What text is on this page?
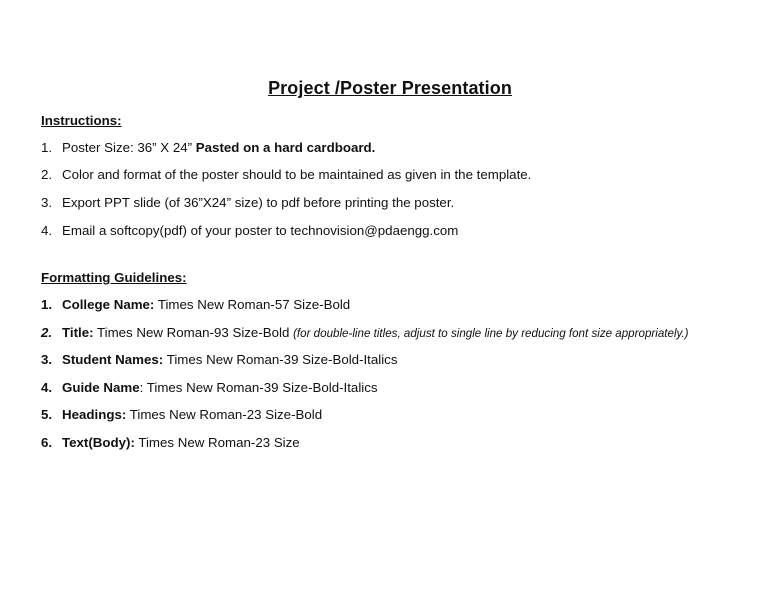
Project /Poster Presentation
Instructions:
1. Poster Size: 36” X 24” Pasted on a hard cardboard.
2. Color and format of the poster should to be maintained as given in the template.
3. Export PPT slide (of 36”X24” size) to pdf before printing the poster.
4. Email a softcopy(pdf) of your poster to technovision@pdaengg.com
Formatting Guidelines:
1. College Name: Times New Roman-57 Size-Bold
2. Title: Times New Roman-93 Size-Bold (for double-line titles, adjust to single line by reducing font size appropriately.)
3. Student Names: Times New Roman-39 Size-Bold-Italics
4. Guide Name: Times New Roman-39 Size-Bold-Italics
5. Headings: Times New Roman-23 Size-Bold
6. Text(Body): Times New Roman-23 Size
